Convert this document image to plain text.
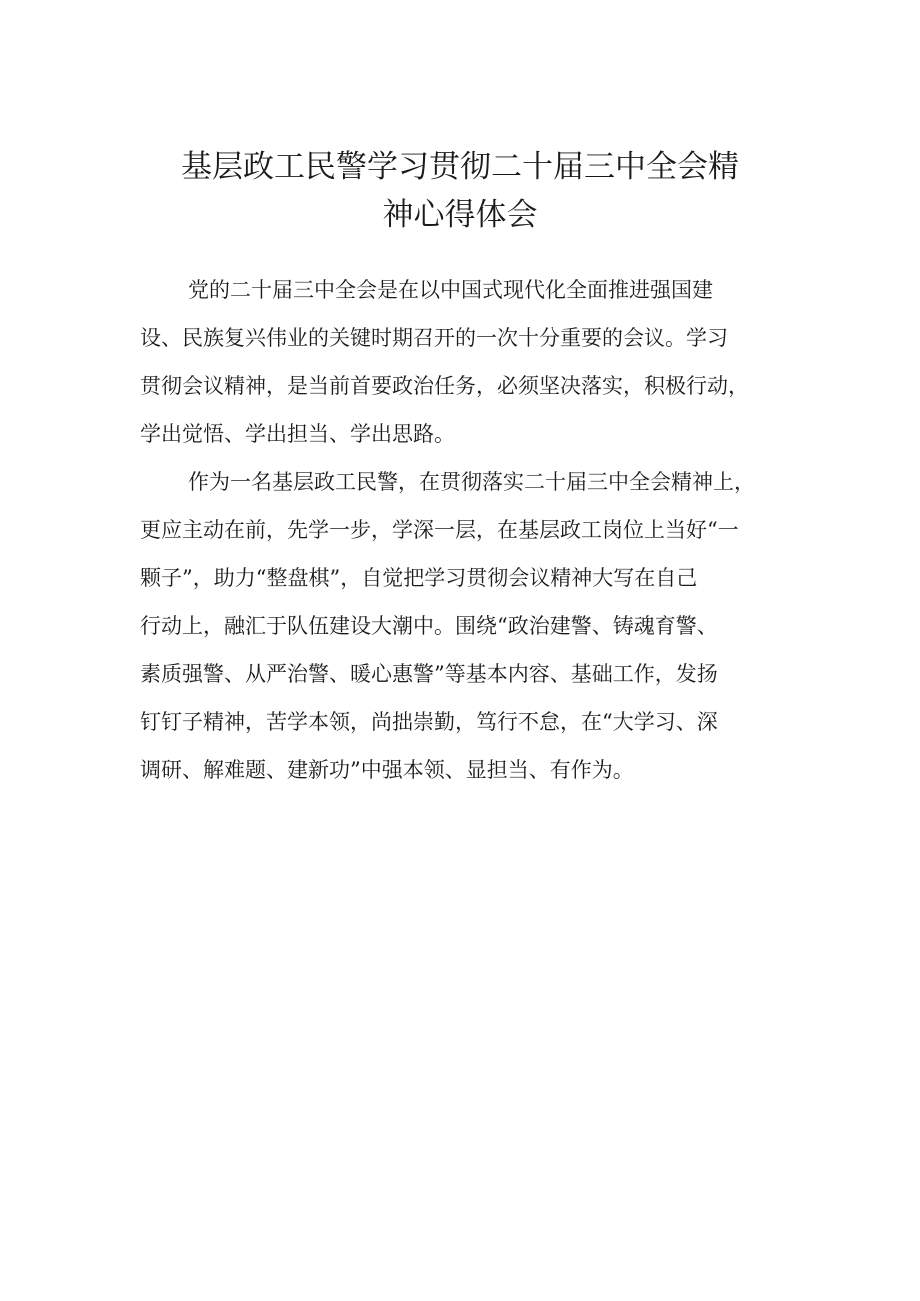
基层政工民警学习贯彻二十届三中全会精
神心得体会
党的二十届三中全会是在以中国式现代化全面推进强国建
设、民族复兴伟业的关键时期召开的一次十分重要的会议。学习
贯彻会议精神，是当前首要政治任务，必须坚决落实，积极行动，
学出觉悟、学出担当、学出思路。
作为一名基层政工民警，在贯彻落实二十届三中全会精神上，
更应主动在前，先学一步，学深一层，在基层政工岗位上当好“一
颗子”，助力“整盘棋”，自觉把学习贯彻会议精神大写在自己
行动上，融汇于队伍建设大潮中。围绕“政治建警、铸魂育警、
素质强警、从严治警、暖心惠警”等基本内容、基础工作，发扬
钉钉子精神，苦学本领，尚拙崇勤，笃行不怠，在“大学习、深
调研、解难题、建新功”中强本领、显担当、有作为。
